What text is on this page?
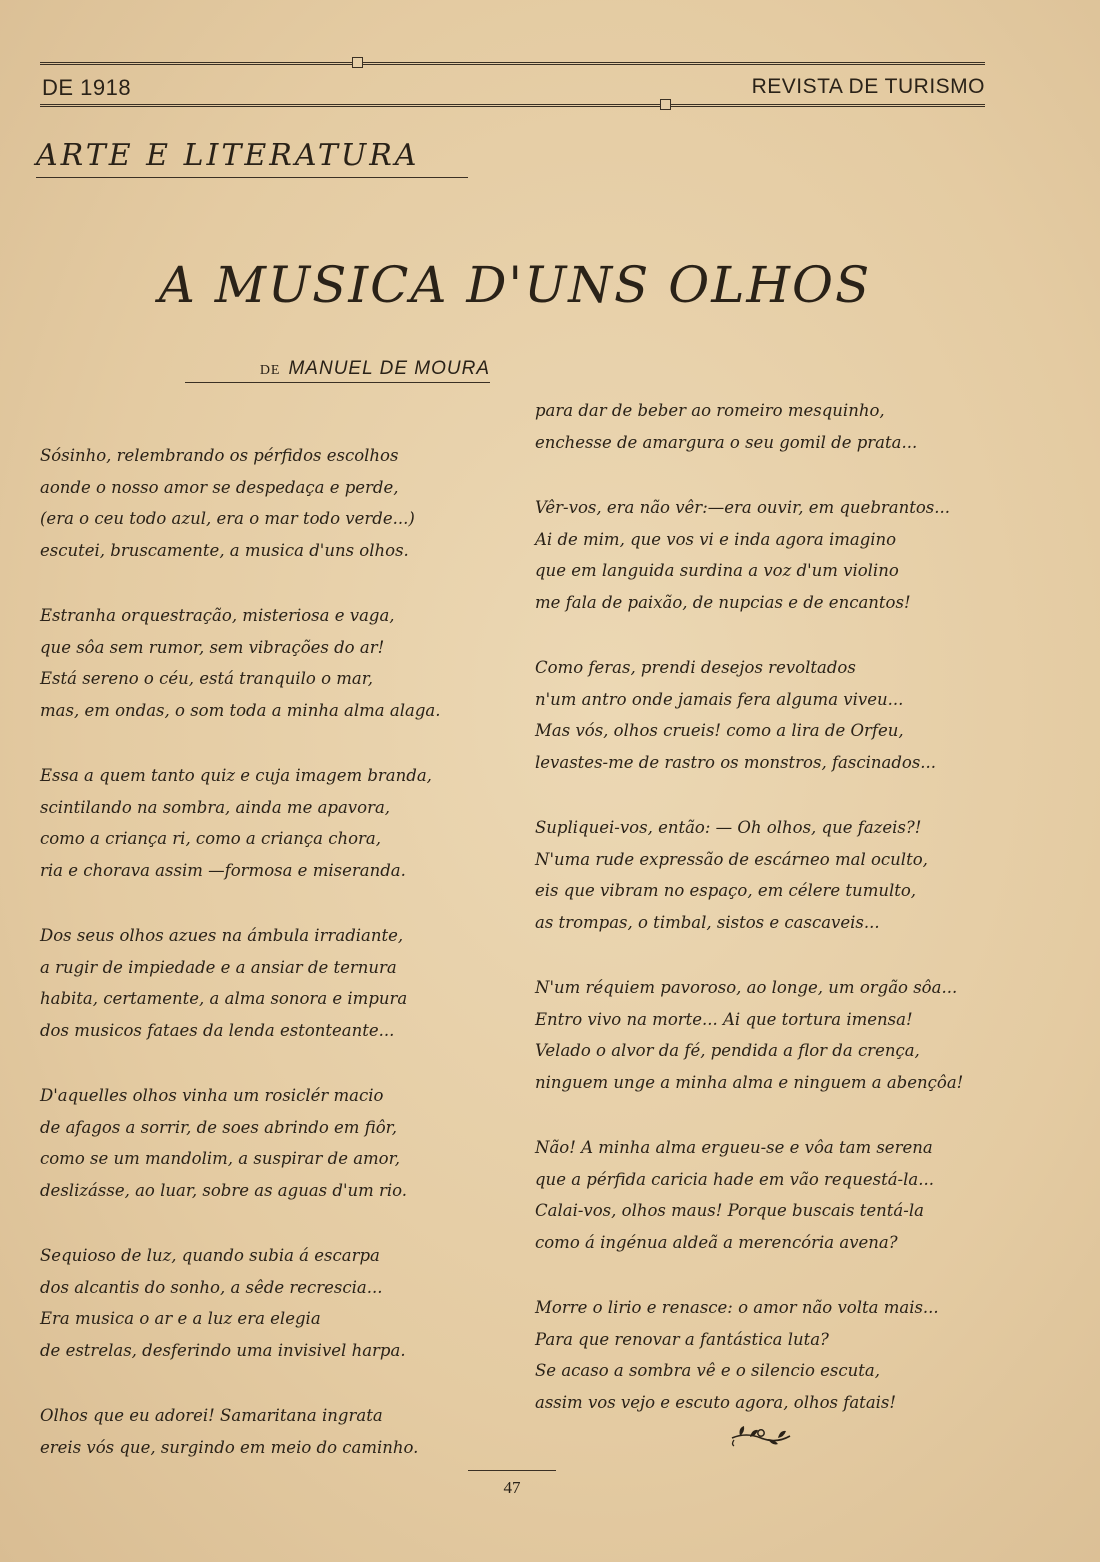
DE 1918	REVISTA DE TURISMO
ARTE E LITERATURA
A MUSICA D'UNS OLHOS
DE MANUEL DE MOURA
Sósinho, relembrando os pérfidos escolhos
aonde o nosso amor se despedaça e perde,
(era o ceu todo azul, era o mar todo verde...)
escutei, bruscamente, a musica d'uns olhos.
Estranha orquestração, misteriosa e vaga,
que sôa sem rumor, sem vibrações do ar!
Está sereno o céu, está tranquilo o mar,
mas, em ondas, o som toda a minha alma alaga.
Essa a quem tanto quiz e cuja imagem branda,
scintilando na sombra, ainda me apavora,
como a criança ri, como a criança chora,
ria e chorava assim —formosa e miseranda.
Dos seus olhos azues na ámbula irradiante,
a rugir de impiedade e a ansiar de ternura
habita, certamente, a alma sonora e impura
dos musicos fataes da lenda estonteante...
D'aquelles olhos vinha um rosiclér macio
de afagos a sorrir, de soes abrindo em fiôr,
como se um mandolim, a suspirar de amor,
deslizásse, ao luar, sobre as aguas d'um rio.
Sequioso de luz, quando subia á escarpa
dos alcantis do sonho, a sêde recrescia...
Era musica o ar e a luz era elegia
de estrelas, desferindo uma invisivel harpa.
Olhos que eu adorei! Samaritana ingrata
ereis vós que, surgindo em meio do caminho.
para dar de beber ao romeiro mesquinho,
enchesse de amargura o seu gomil de prata...
Vêr-vos, era não vêr:—era ouvir, em quebrantos...
Ai de mim, que vos vi e inda agora imagino
que em languida surdina a voz d'um violino
me fala de paixão, de nupcias e de encantos!
Como feras, prendi desejos revoltados
n'um antro onde jamais fera alguma viveu...
Mas vós, olhos crueis! como a lira de Orfeu,
levastes-me de rastro os monstros, fascinados...
Supliquei-vos, então: — Oh olhos, que fazeis?!
N'uma rude expressão de escárneo mal oculto,
eis que vibram no espaço, em célere tumulto,
as trompas, o timbal, sistos e cascaveis...
N'um réquiem pavoroso, ao longe, um orgão sôa...
Entro vivo na morte... Ai que tortura imensa!
Velado o alvor da fé, pendida a flor da crença,
ninguem unge a minha alma e ninguem a abençôa!
Não! A minha alma ergueu-se e vôa tam serena
que a pérfida caricia hade em vão requestá-la...
Calai-vos, olhos maus! Porque buscais tentá-la
como á ingénua aldeã a merencória avena?
Morre o lirio e renasce: o amor não volta mais...
Para que renovar a fantástica luta?
Se acaso a sombra vê e o silencio escuta,
assim vos vejo e escuto agora, olhos fatais!
47
